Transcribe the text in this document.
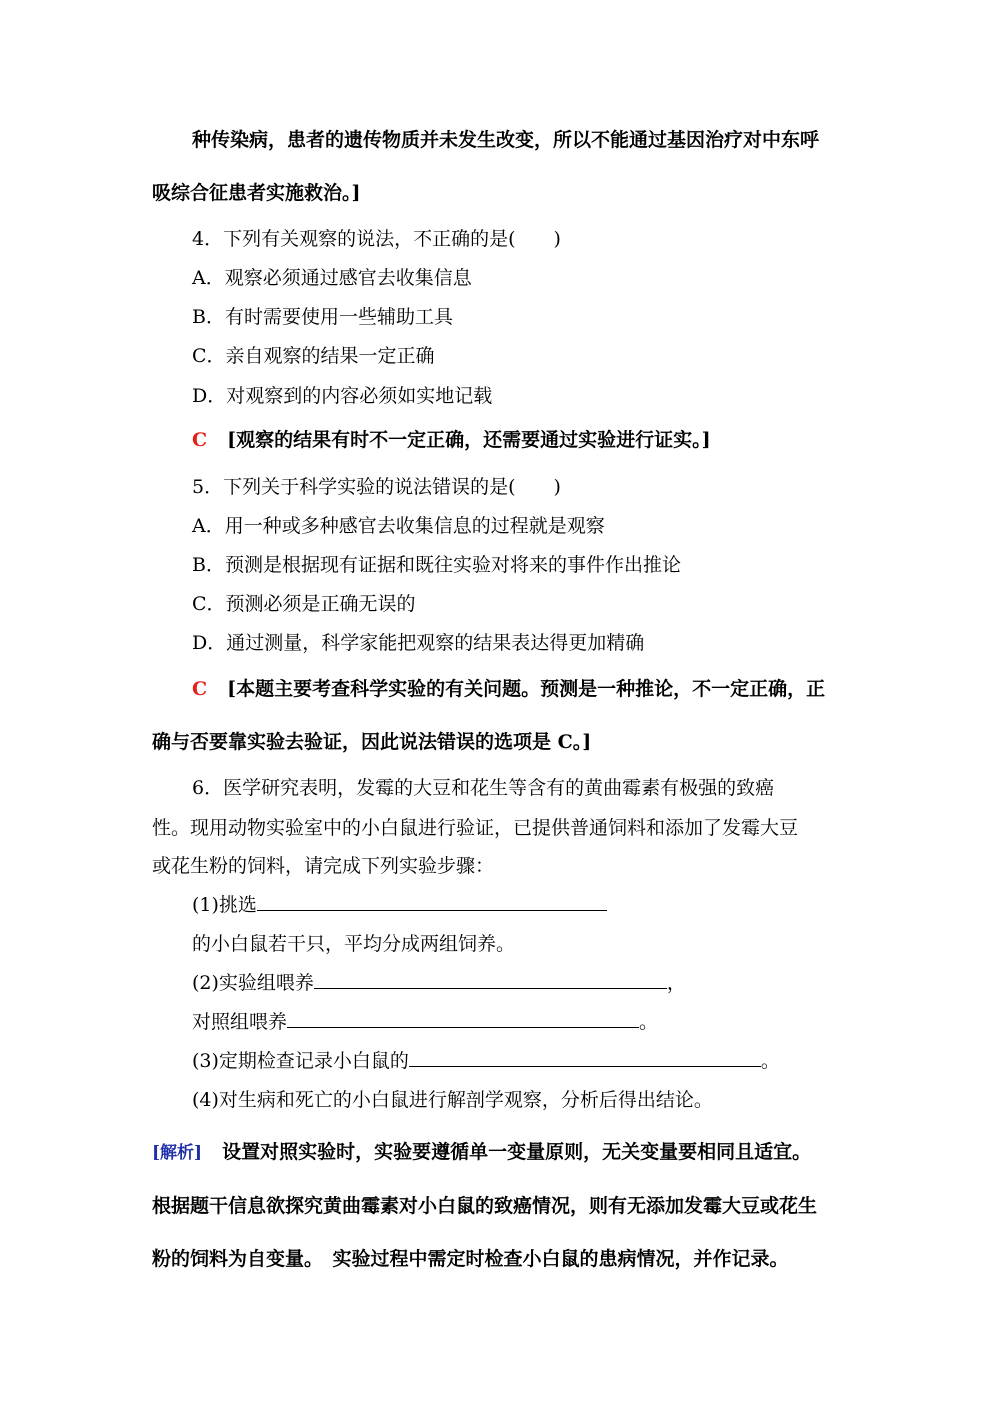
种传染病，患者的遗传物质并未发生改变，所以不能通过基因治疗对中东呼
吸综合征患者实施救治。]
4．下列有关观察的说法，不正确的是(　　)
A．观察必须通过感官去收集信息
B．有时需要使用一些辅助工具
C．亲自观察的结果一定正确
D．对观察到的内容必须如实地记载
C [观察的结果有时不一定正确，还需要通过实验进行证实。]
5．下列关于科学实验的说法错误的是(　　)
A．用一种或多种感官去收集信息的过程就是观察
B．预测是根据现有证据和既往实验对将来的事件作出推论
C．预测必须是正确无误的
D．通过测量，科学家能把观察的结果表达得更加精确
C [本题主要考查科学实验的有关问题。预测是一种推论，不一定正确，正
确与否要靠实验去验证，因此说法错误的选项是 C。]
6．医学研究表明，发霉的大豆和花生等含有的黄曲霉素有极强的致癌
性。现用动物实验室中的小白鼠进行验证，已提供普通饲料和添加了发霉大豆
或花生粉的饲料，请完成下列实验步骤：
(1)挑选
的小白鼠若干只，平均分成两组饲养。
(2)实验组喂养	，
对照组喂养	。
(3)定期检查记录小白鼠的	。
(4)对生病和死亡的小白鼠进行解剖学观察，分析后得出结论。
[解析] 设置对照实验时，实验要遵循单一变量原则，无关变量要相同且适宜。
根据题干信息欲探究黄曲霉素对小白鼠的致癌情况，则有无添加发霉大豆或花生
粉的饲料为自变量。　实验过程中需定时检查小白鼠的患病情况，并作记录。
